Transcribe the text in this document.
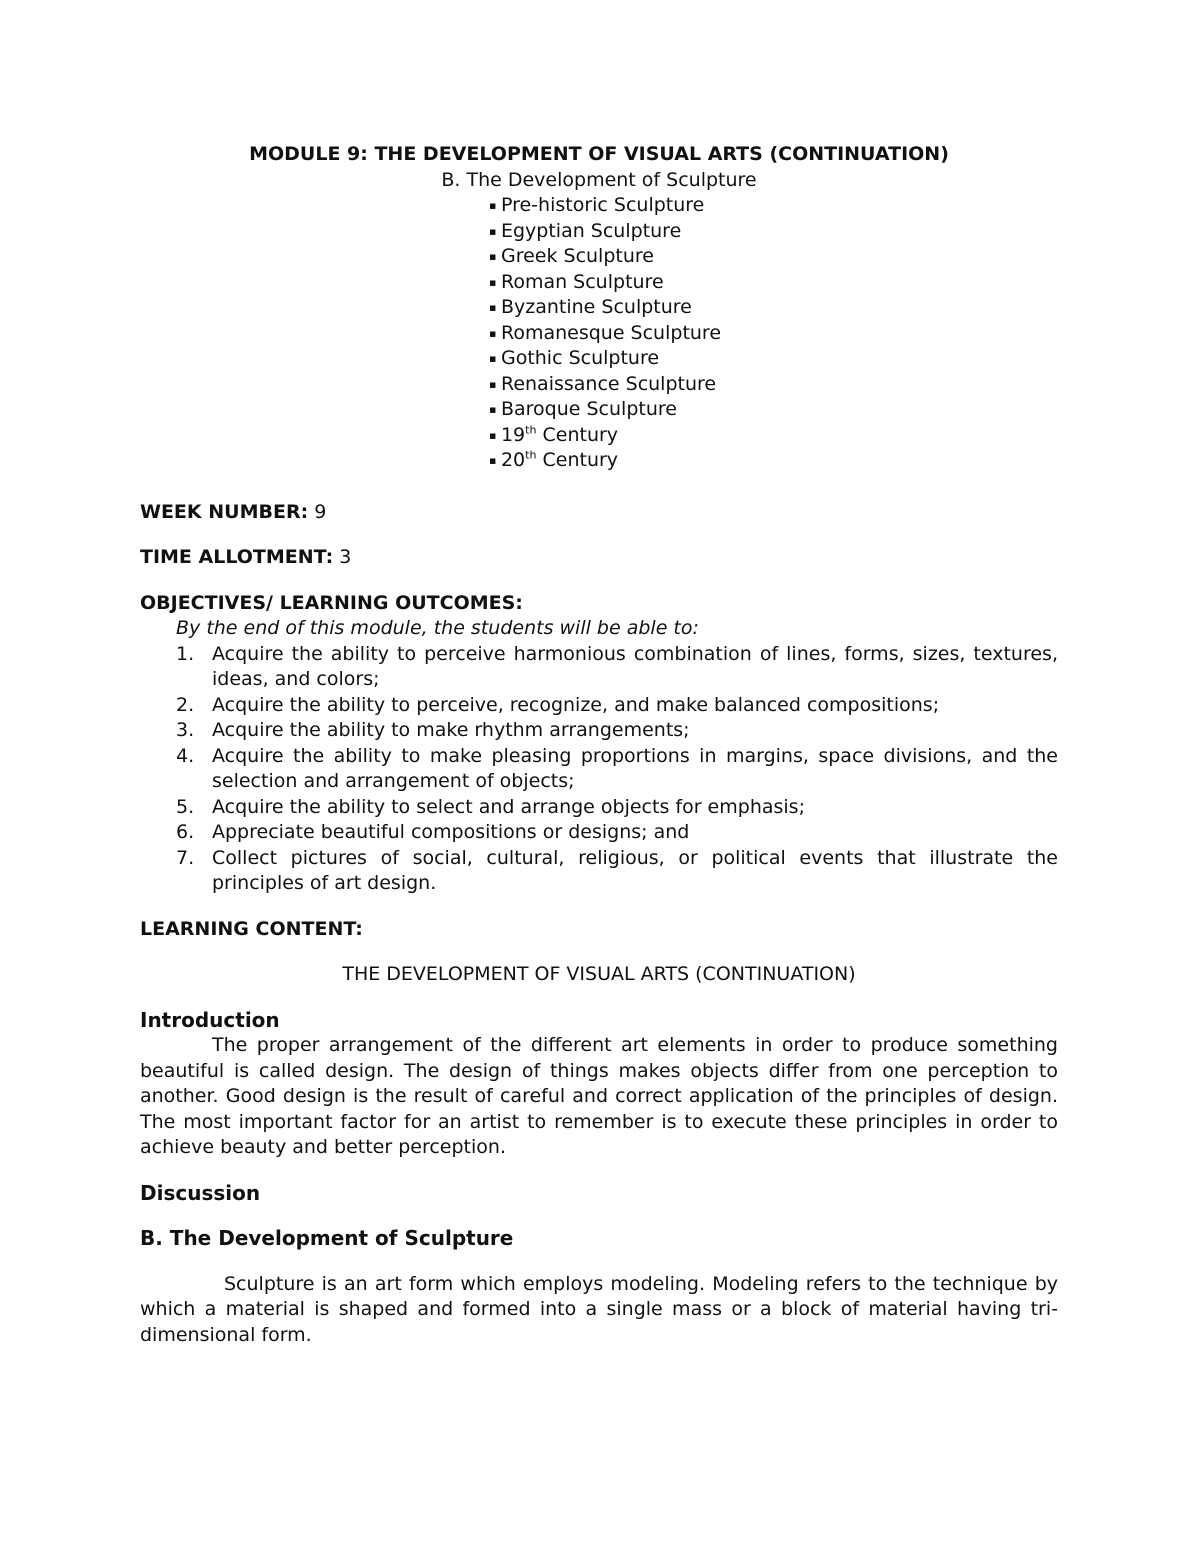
MODULE 9: THE DEVELOPMENT OF VISUAL ARTS (CONTINUATION)

B. The Development of Sculpture

▪ Pre-historic Sculpture
▪ Egyptian Sculpture
▪ Greek Sculpture
▪ Roman Sculpture
▪ Byzantine Sculpture
▪ Romanesque Sculpture
▪ Gothic Sculpture
▪ Renaissance Sculpture
▪ Baroque Sculpture
▪ 19th Century
▪ 20th Century

WEEK NUMBER: 9

TIME ALLOTMENT: 3

OBJECTIVES/ LEARNING OUTCOMES:

By the end of this module, the students will be able to:

1. Acquire the ability to perceive harmonious combination of lines, forms, sizes, textures, ideas, and colors;
2. Acquire the ability to perceive, recognize, and make balanced compositions;
3. Acquire the ability to make rhythm arrangements;
4. Acquire the ability to make pleasing proportions in margins, space divisions, and the selection and arrangement of objects;
5. Acquire the ability to select and arrange objects for emphasis;
6. Appreciate beautiful compositions or designs; and
7. Collect pictures of social, cultural, religious, or political events that illustrate the principles of art design.

LEARNING CONTENT:

THE DEVELOPMENT OF VISUAL ARTS (CONTINUATION)

Introduction

The proper arrangement of the different art elements in order to produce something beautiful is called design. The design of things makes objects differ from one perception to another. Good design is the result of careful and correct application of the principles of design. The most important factor for an artist to remember is to execute these principles in order to achieve beauty and better perception.

Discussion

B. The Development of Sculpture

Sculpture is an art form which employs modeling. Modeling refers to the technique by which a material is shaped and formed into a single mass or a block of material having tri-dimensional form.
